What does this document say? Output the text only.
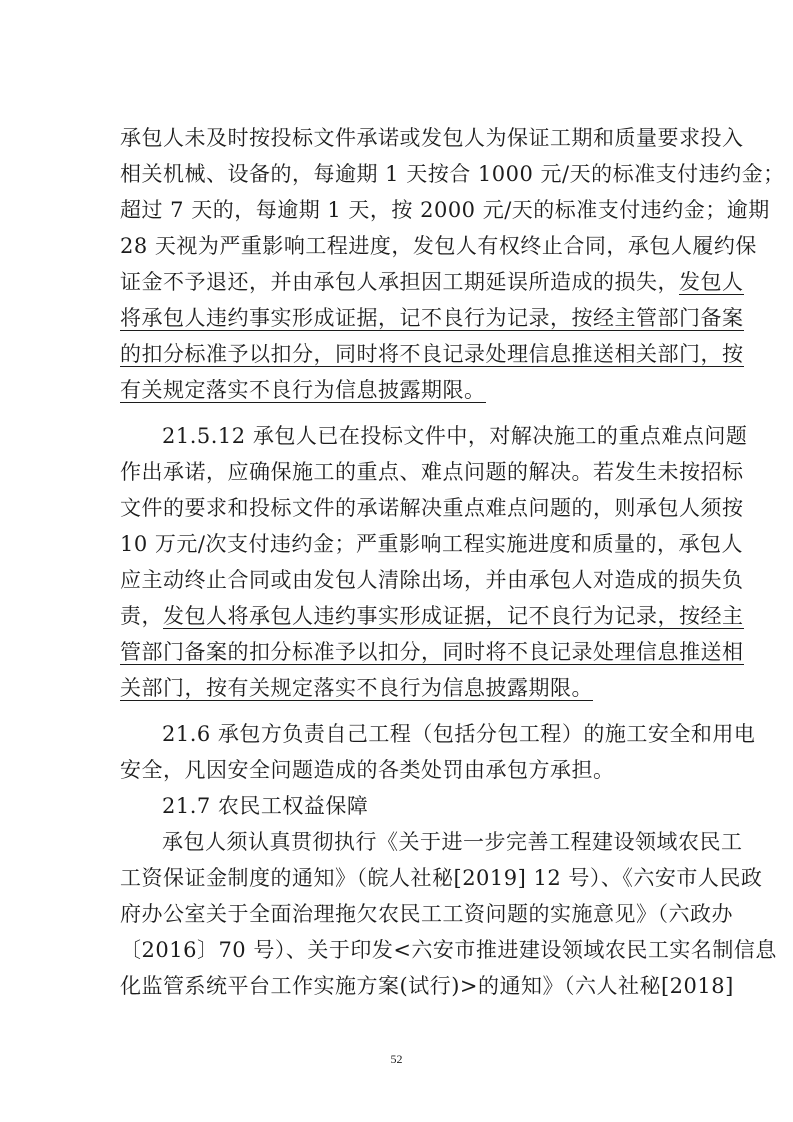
承包人未及时按投标文件承诺或发包人为保证工期和质量要求投入
相关机械、设备的，每逾期 1 天按合 1000 元/天的标准支付违约金；
超过 7 天的，每逾期 1 天，按 2000 元/天的标准支付违约金；逾期
28 天视为严重影响工程进度，发包人有权终止合同，承包人履约保
证金不予退还，并由承包人承担因工期延误所造成的损失，发包人
将承包人违约事实形成证据，记不良行为记录，按经主管部门备案
的扣分标准予以扣分，同时将不良记录处理信息推送相关部门，按
有关规定落实不良行为信息披露期限。
21.5.12 承包人已在投标文件中，对解决施工的重点难点问题
作出承诺，应确保施工的重点、难点问题的解决。若发生未按招标
文件的要求和投标文件的承诺解决重点难点问题的，则承包人须按
10 万元/次支付违约金；严重影响工程实施进度和质量的，承包人
应主动终止合同或由发包人清除出场，并由承包人对造成的损失负
责，发包人将承包人违约事实形成证据，记不良行为记录，按经主
管部门备案的扣分标准予以扣分，同时将不良记录处理信息推送相
关部门，按有关规定落实不良行为信息披露期限。
21.6 承包方负责自己工程（包括分包工程）的施工安全和用电
安全，凡因安全问题造成的各类处罚由承包方承担。
21.7 农民工权益保障
承包人须认真贯彻执行《关于进一步完善工程建设领域农民工
工资保证金制度的通知》（皖人社秘[2019] 12 号）、《六安市人民政
府办公室关于全面治理拖欠农民工工资问题的实施意见》（六政办
〔2016〕70 号）、关于印发<六安市推进建设领域农民工实名制信息
化监管系统平台工作实施方案(试行)>的通知》（六人社秘[2018]
52
